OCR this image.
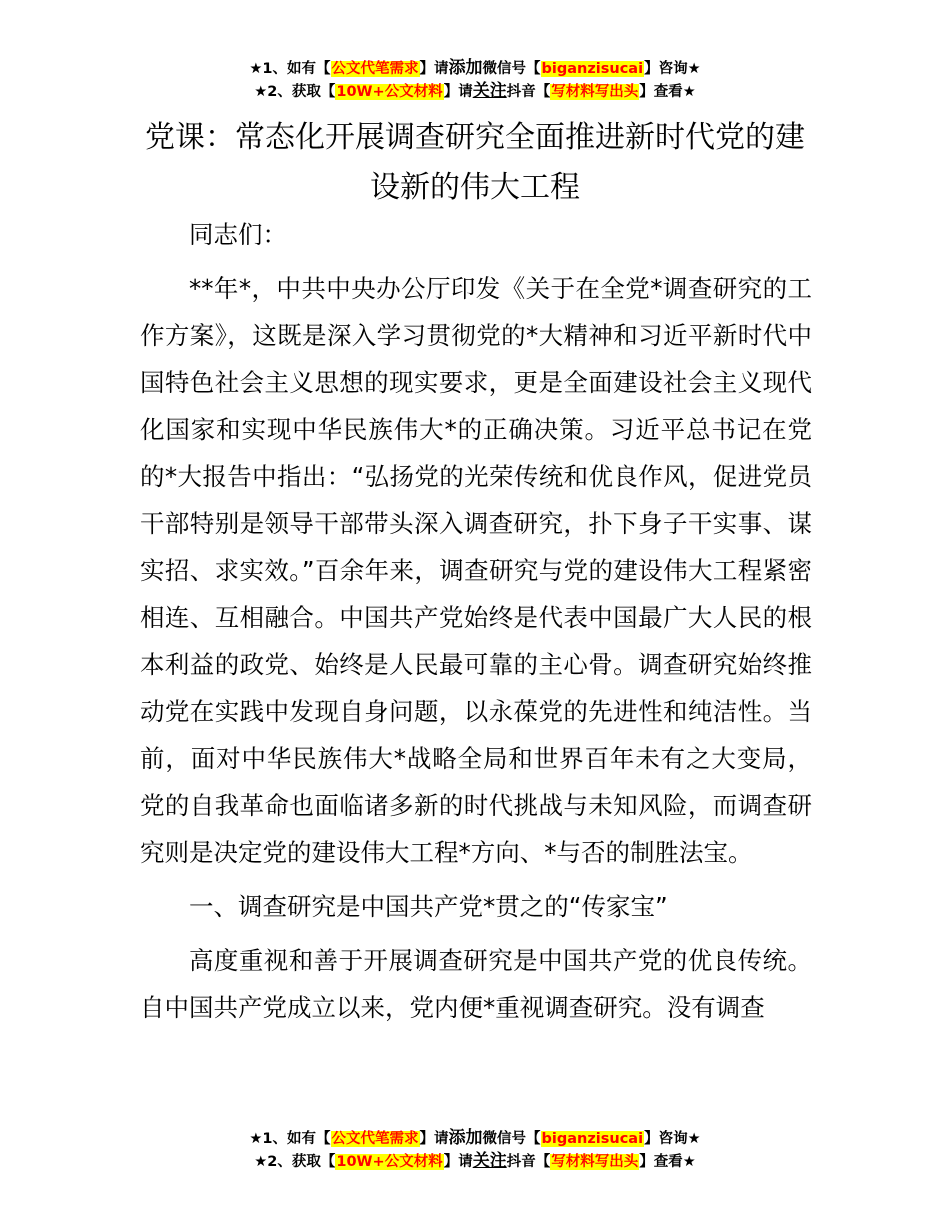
★1、如有【公文代笔需求】请添加微信号【biganzisucai】咨询★
★2、获取【10W+公文材料】请关注抖音【写材料写出头】查看★
党课：常态化开展调查研究全面推进新时代党的建设新的伟大工程

同志们：

**年*，中共中央办公厅印发《关于在全党*调查研究的工作方案》，这既是深入学习贯彻党的*大精神和习近平新时代中国特色社会主义思想的现实要求，更是全面建设社会主义现代化国家和实现中华民族伟大*的正确决策。习近平总书记在党的*大报告中指出：“弘扬党的光荣传统和优良作风，促进党员干部特别是领导干部带头深入调查研究，扑下身子干实事、谋实招、求实效。”百余年来，调查研究与党的建设伟大工程紧密相连、互相融合。中国共产党始终是代表中国最广大人民的根本利益的政党、始终是人民最可靠的主心骨。调查研究始终推动党在实践中发现自身问题，以永葆党的先进性和纯洁性。当前，面对中华民族伟大*战略全局和世界百年未有之大变局，党的自我革命也面临诸多新的时代挑战与未知风险，而调查研究则是决定党的建设伟大工程*方向、*与否的制胜法宝。

一、调查研究是中国共产党*贯之的“传家宝”

高度重视和善于开展调查研究是中国共产党的优良传统。自中国共产党成立以来，党内便*重视调查研究。没有调查

★1、如有【公文代笔需求】请添加微信号【biganzisucai】咨询★
★2、获取【10W+公文材料】请关注抖音【写材料写出头】查看★
